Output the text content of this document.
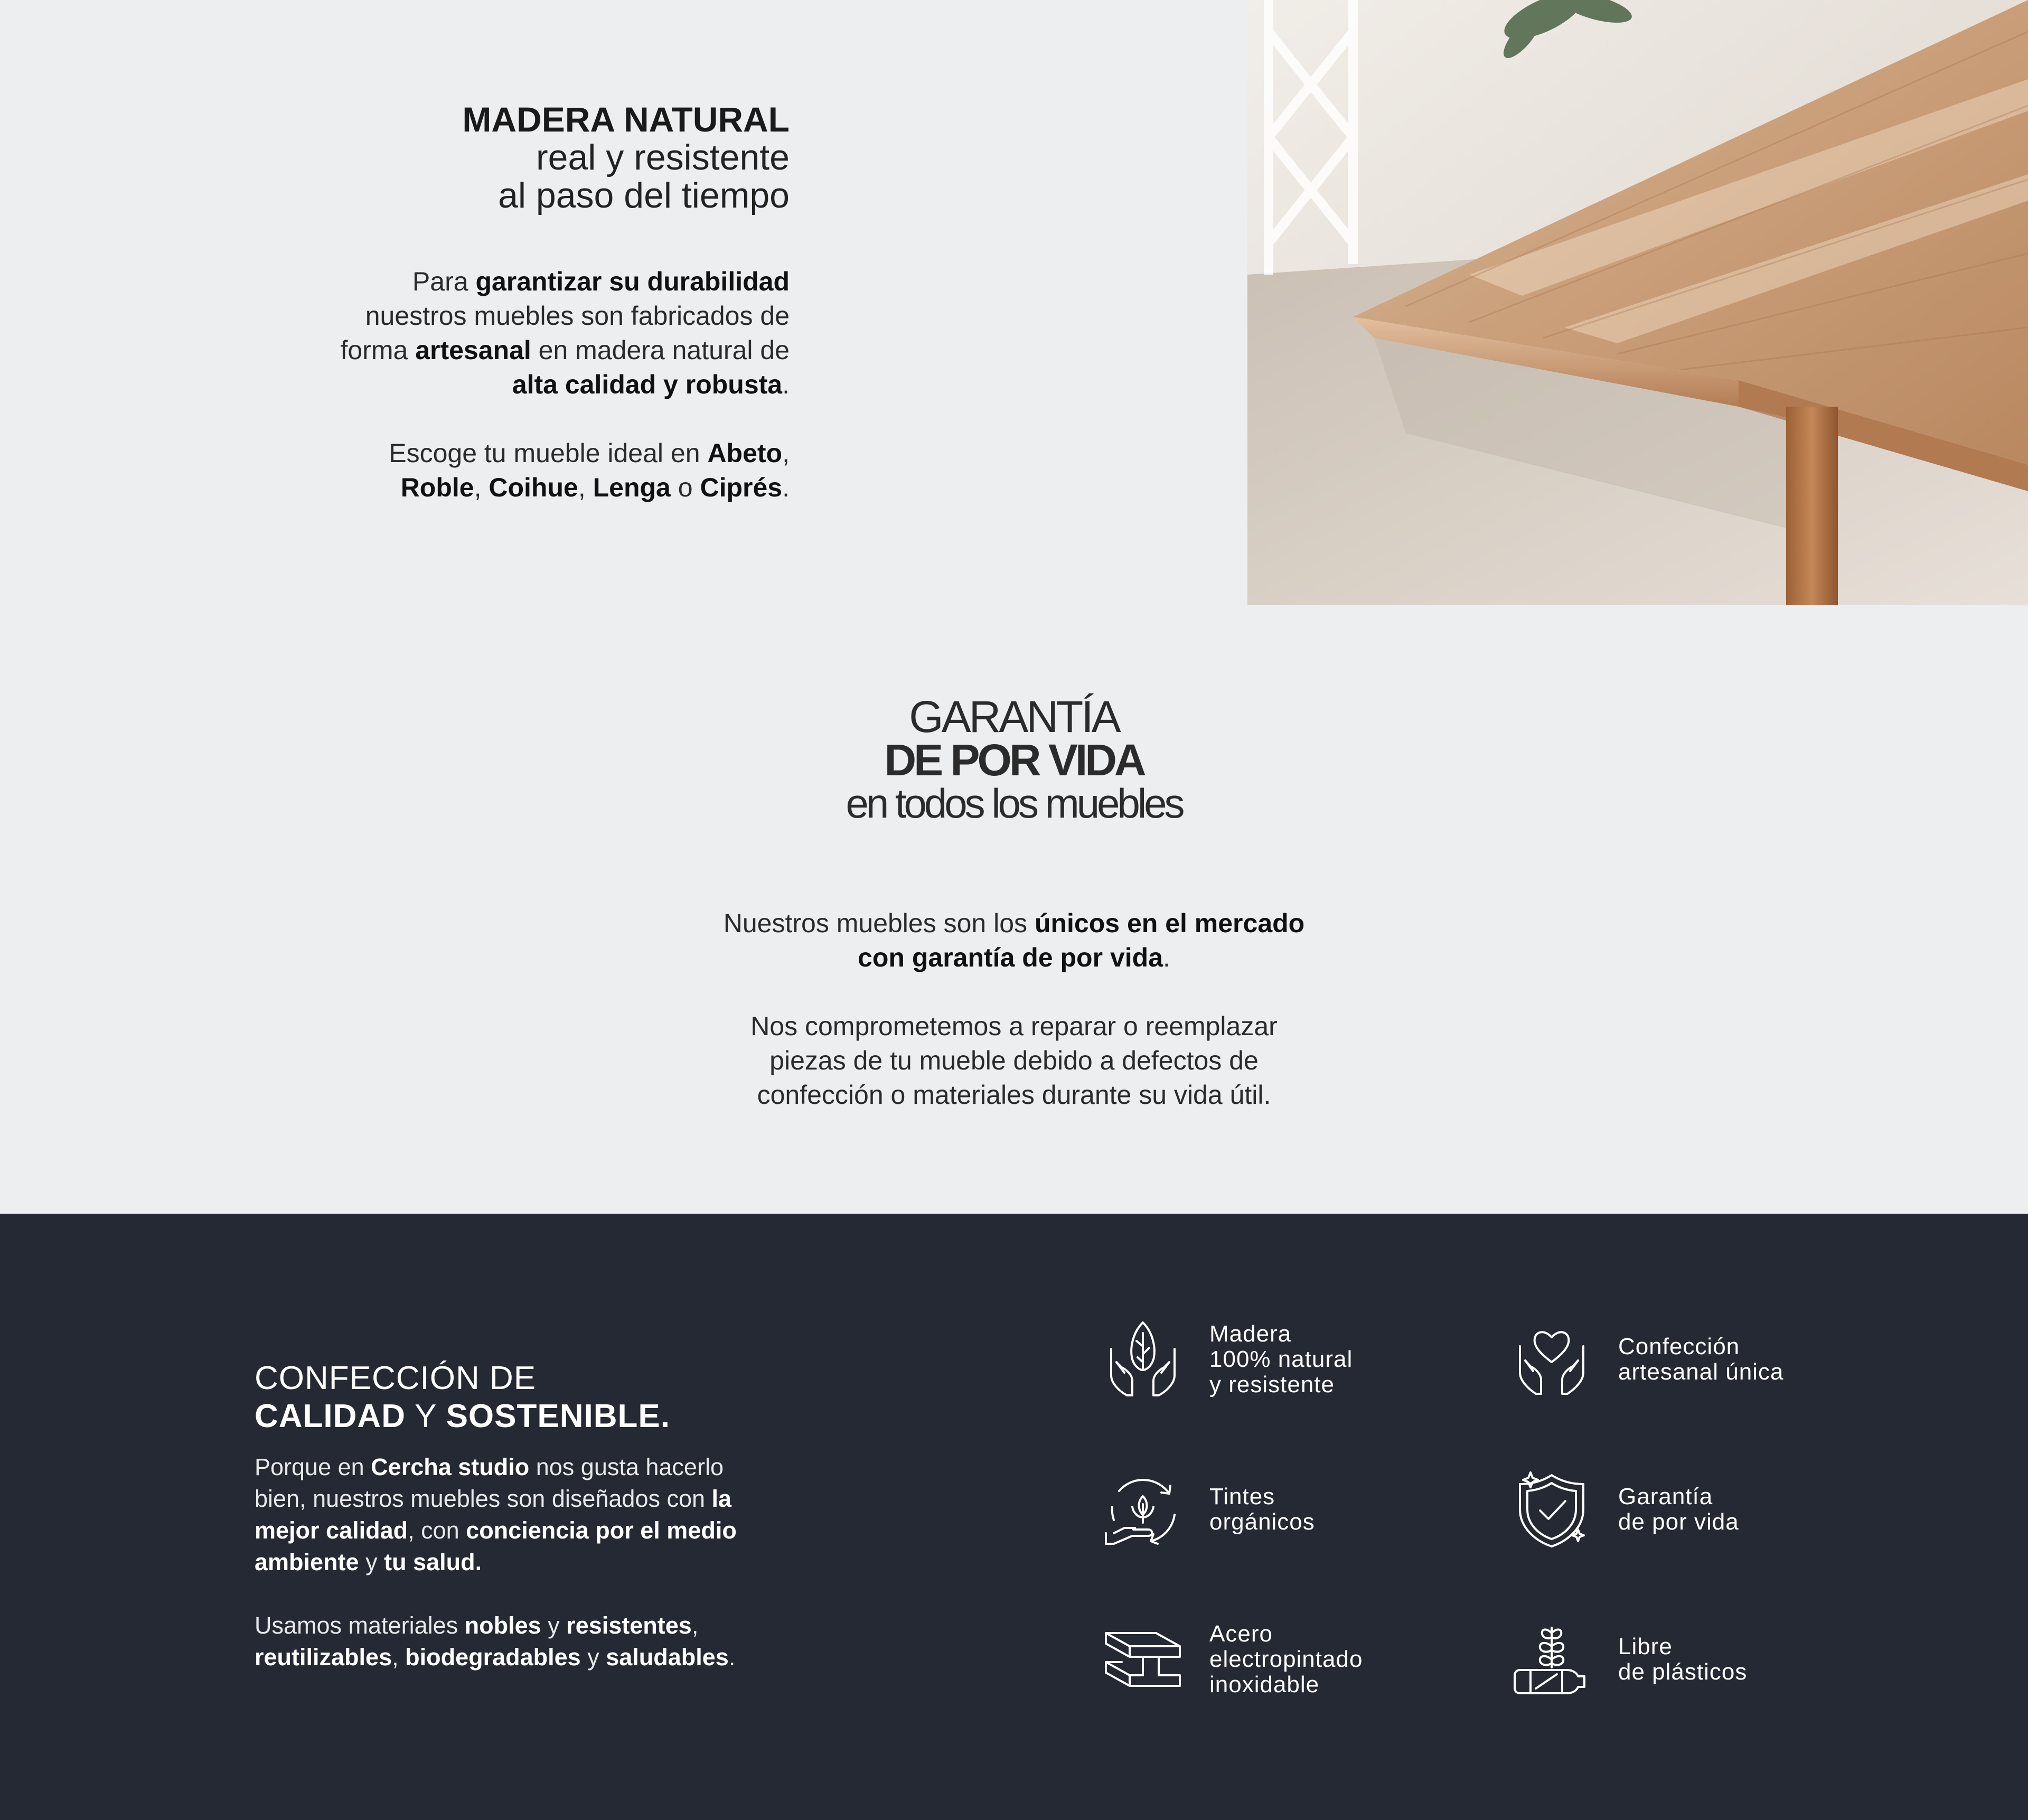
MADERA NATURAL
real y resistente
al paso del tiempo

Para garantizar su durabilidad
nuestros muebles son fabricados de
forma artesanal en madera natural de
alta calidad y robusta.

Escoge tu mueble ideal en Abeto,
Roble, Coihue, Lenga o Ciprés.

GARANTÍA
DE POR VIDA
en todos los muebles

Nuestros muebles son los únicos en el mercado
con garantía de por vida.

Nos comprometemos a reparar o reemplazar
piezas de tu mueble debido a defectos de
confección o materiales durante su vida útil.

CONFECCIÓN DE
CALIDAD Y SOSTENIBLE.

Porque en Cercha studio nos gusta hacerlo
bien, nuestros muebles son diseñados con la
mejor calidad, con conciencia por el medio
ambiente y tu salud.

Usamos materiales nobles y resistentes,
reutilizables, biodegradables y saludables.

Madera
100% natural
y resistente
Confección
artesanal única
Tintes
orgánicos
Garantía
de por vida
Acero
electropintado
inoxidable
Libre
de plásticos
